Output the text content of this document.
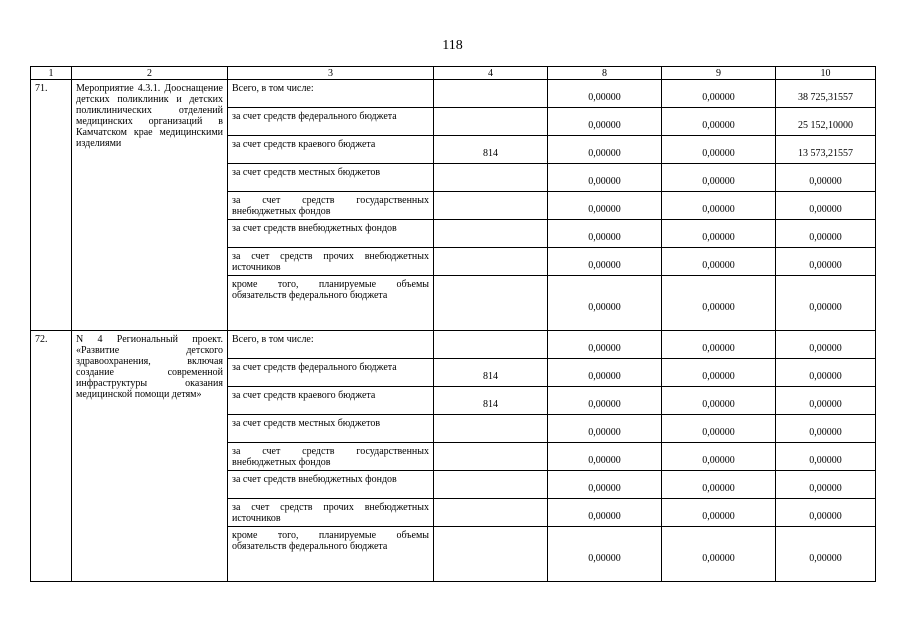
118
1	2	3	4	8	9	10
71.	Мероприятие 4.3.1. Дооснащение детских поликлиник и детских поликлинических отделений медицинских организаций в Камчатском крае медицинскими изделиями	Всего, в том числе:		0,00000	0,00000	38 725,31557
		за счет средств федерального бюджета		0,00000	0,00000	25 152,10000
		за счет средств краевого бюджета	814	0,00000	0,00000	13 573,21557
		за счет средств местных бюджетов		0,00000	0,00000	0,00000
		за счет средств государственных внебюджетных фондов		0,00000	0,00000	0,00000
		за счет средств внебюджетных фондов		0,00000	0,00000	0,00000
		за счет средств прочих внебюджетных источников		0,00000	0,00000	0,00000
		кроме того, планируемые объемы обязательств федерального бюджета		0,00000	0,00000	0,00000
72.	N 4 Региональный проект. «Развитие детского здравоохранения, включая создание современной инфраструктуры оказания медицинской помощи детям»	Всего, в том числе:		0,00000	0,00000	0,00000
		за счет средств федерального бюджета	814	0,00000	0,00000	0,00000
		за счет средств краевого бюджета	814	0,00000	0,00000	0,00000
		за счет средств местных бюджетов		0,00000	0,00000	0,00000
		за счет средств государственных внебюджетных фондов		0,00000	0,00000	0,00000
		за счет средств внебюджетных фондов		0,00000	0,00000	0,00000
		за счет средств прочих внебюджетных источников		0,00000	0,00000	0,00000
		кроме того, планируемые объемы обязательств федерального бюджета		0,00000	0,00000	0,00000
